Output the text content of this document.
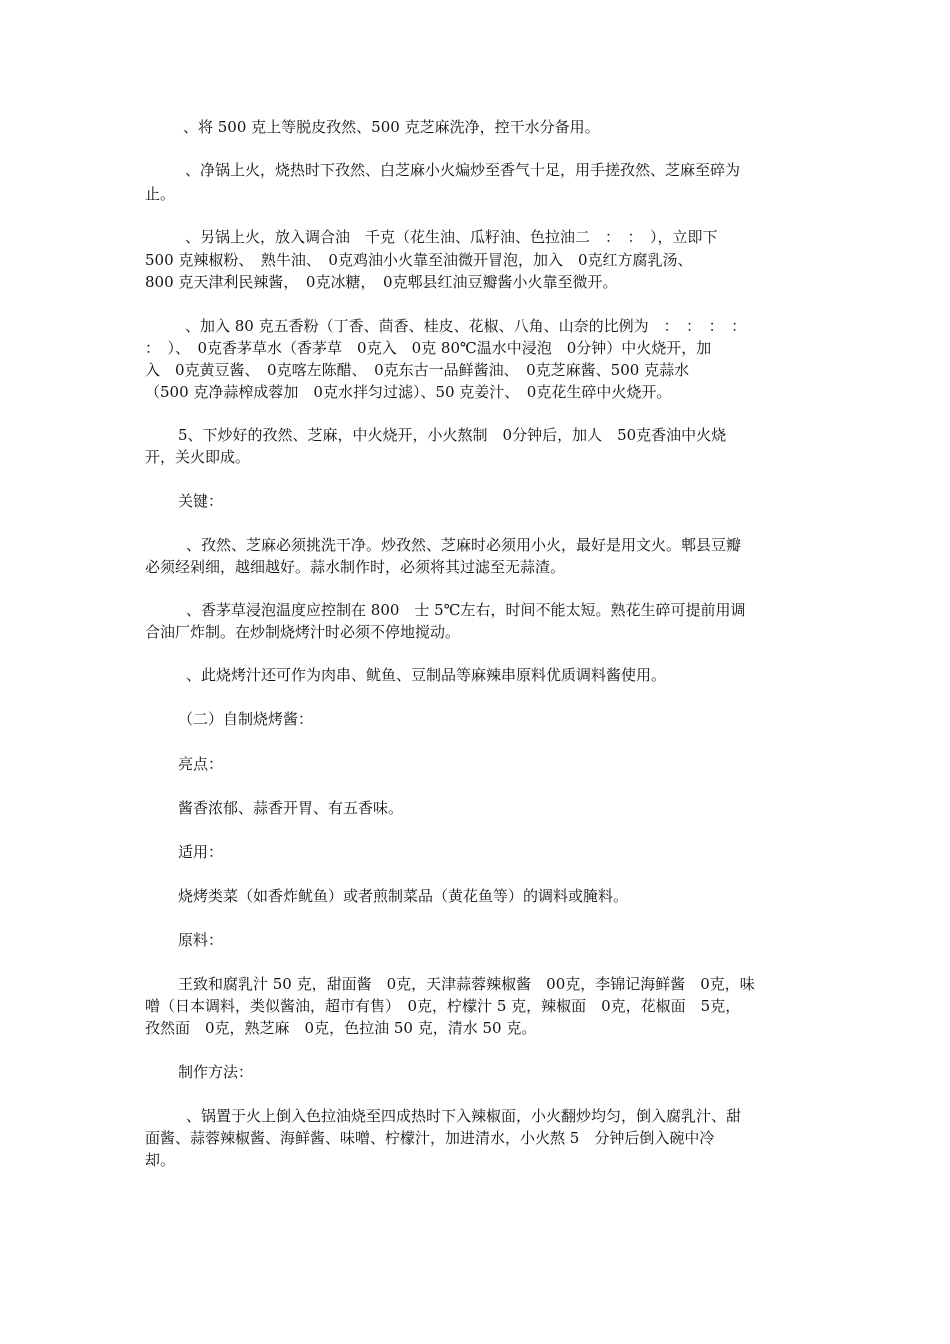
、将 500 克上等脱皮孜然、500 克芝麻洗净，控干水分备用。

、净锅上火，烧热时下孜然、白芝麻小火煸炒至香气十足，用手搓孜然、芝麻至碎为

止。

、另锅上火，放入调合油　千克（花生油、瓜籽油、色拉油二　：　：　），立即下

500 克辣椒粉、　熟牛油、　0克鸡油小火靠至油微开冒泡，加入　0克红方腐乳汤、

800 克天津利民辣酱，　0克冰糖，　0克郫县红油豆瓣酱小火靠至微开。

、加入 80 克五香粉（丁香、茴香、桂皮、花椒、八角、山奈的比例为　：　：　：　：

：　）、　0克香茅草水（香茅草　0克入　0克 80℃温水中浸泡　0分钟）中火烧开，加

入　0克黄豆酱、　0克喀左陈醋、　0克东古一品鲜酱油、　0克芝麻酱、500 克蒜水

（500 克净蒜榨成蓉加　0克水拌匀过滤）、50 克姜汁、　0克花生碎中火烧开。

5、下炒好的孜然、芝麻，中火烧开，小火熬制　0分钟后，加人　50克香油中火烧

开，关火即成。

关键：

、孜然、芝麻必须挑洗干净。炒孜然、芝麻时必须用小火，最好是用文火。郫县豆瓣

必须经剁细，越细越好。蒜水制作时，必须将其过滤至无蒜渣。

、香茅草浸泡温度应控制在 800　士 5℃左右，时间不能太短。熟花生碎可提前用调

合油厂炸制。在炒制烧烤汁时必须不停地搅动。

、此烧烤汁还可作为肉串、鱿鱼、豆制品等麻辣串原料优质调料酱使用。

（二）自制烧烤酱：

亮点：

酱香浓郁、蒜香开胃、有五香味。

适用：

烧烤类菜（如香炸鱿鱼）或者煎制菜品（黄花鱼等）的调料或腌料。

原料：

王致和腐乳汁 50 克，甜面酱　0克，天津蒜蓉辣椒酱　00克，李锦记海鲜酱　0克，味

噌（日本调料，类似酱油，超市有售）　0克，柠檬汁 5 克，辣椒面　0克，花椒面　5克，

孜然面　0克，熟芝麻　0克，色拉油 50 克，清水 50 克。

制作方法：

、锅置于火上倒入色拉油烧至四成热时下入辣椒面，小火翻炒均匀，倒入腐乳汁、甜

面酱、蒜蓉辣椒酱、海鲜酱、味噌、柠檬汁，加进清水，小火熬 5　分钟后倒入碗中冷

却。
